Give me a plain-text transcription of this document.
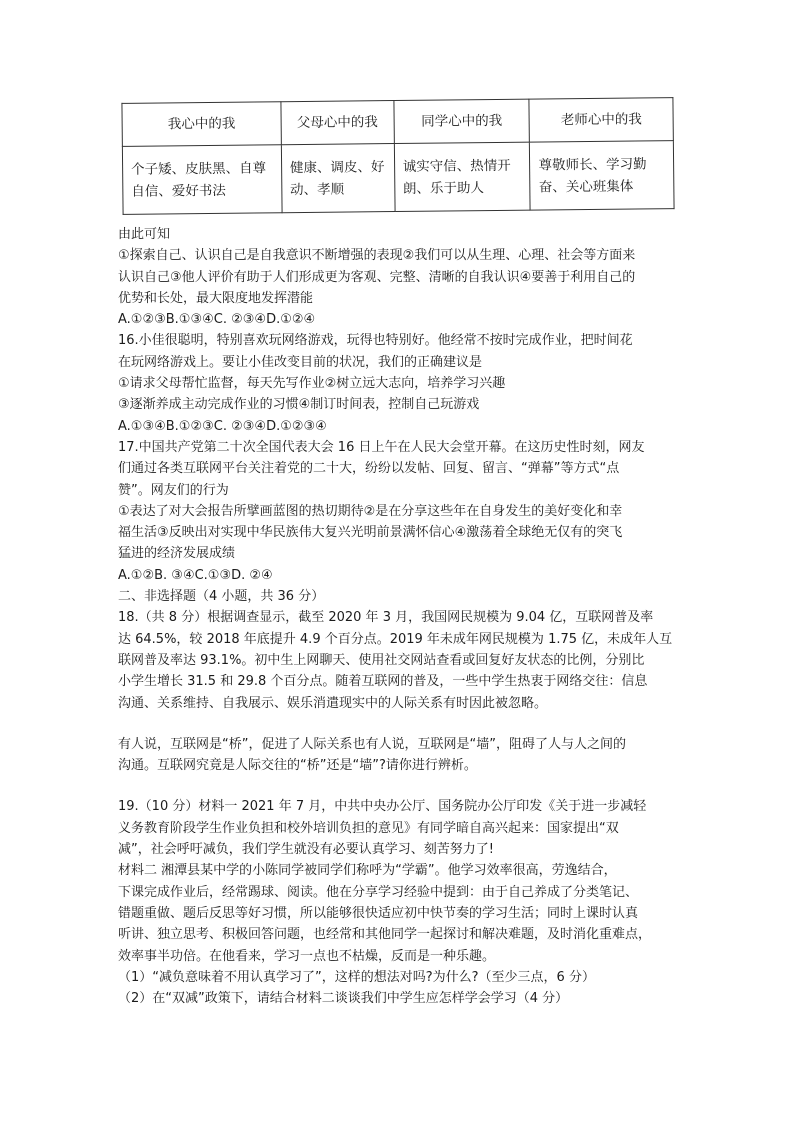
我心中的我	父母心中的我	同学心中的我	老师心中的我
个子矮、皮肤黑、自尊自信、爱好书法	健康、调皮、好动、孝顺	诚实守信、热情开朗、乐于助人	尊敬师长、学习勤奋、关心班集体

由此可知

①探索自己、认识自己是自我意识不断增强的表现②我们可以从生理、心理、社会等方面来

认识自己③他人评价有助于人们形成更为客观、完整、清晰的自我认识④要善于利用自己的

优势和长处，最大限度地发挥潜能

A.①②③B.①③④C. ②③④D.①②④

16.小佳很聪明，特别喜欢玩网络游戏，玩得也特别好。他经常不按时完成作业，把时间花

在玩网络游戏上。要让小佳改变目前的状况，我们的正确建议是

①请求父母帮忙监督，每天先写作业②树立远大志向，培养学习兴趣

③逐渐养成主动完成作业的习惯④制订时间表，控制自己玩游戏

A.①③④B.①②③C. ②③④D.①②③④

17.中国共产党第二十次全国代表大会 16 日上午在人民大会堂开幕。在这历史性时刻，网友

们通过各类互联网平台关注着党的二十大，纷纷以发帖、回复、留言、“弹幕”等方式“点

赞”。网友们的行为

①表达了对大会报告所擘画蓝图的热切期待②是在分享这些年在自身发生的美好变化和幸

福生活③反映出对实现中华民族伟大复兴光明前景满怀信心④激荡着全球绝无仅有的突飞

猛进的经济发展成绩

A.①②B. ③④C.①③D. ②④

二、非选择题（4 小题，共 36 分）

18.（共 8 分）根据调查显示，截至 2020 年 3 月，我国网民规模为 9.04 亿，互联网普及率

达 64.5%，较 2018 年底提升 4.9 个百分点。2019 年未成年网民规模为 1.75 亿，未成年人互

联网普及率达 93.1%。初中生上网聊天、使用社交网站查看或回复好友状态的比例，分别比

小学生增长 31.5 和 29.8 个百分点。随着互联网的普及，一些中学生热衷于网络交往：信息

沟通、关系维持、自我展示、娱乐消遣现实中的人际关系有时因此被忽略。

有人说，互联网是“桥”，促进了人际关系也有人说，互联网是“墙”，阻碍了人与人之间的

沟通。互联网究竟是人际交往的“桥”还是“墙”?请你进行辨析。

19.（10 分）材料一 2021 年 7 月，中共中央办公厅、国务院办公厅印发《关于进一步减轻

义务教育阶段学生作业负担和校外培训负担的意见》有同学暗自高兴起来：国家提出“双

减”，社会呼吁减负，我们学生就没有必要认真学习、刻苦努力了!

材料二 湘潭县某中学的小陈同学被同学们称呼为“学霸”。他学习效率很高，劳逸结合，

下课完成作业后，经常踢球、阅读。他在分享学习经验中提到：由于自己养成了分类笔记、

错题重做、题后反思等好习惯，所以能够很快适应初中快节奏的学习生活；同时上课时认真

听讲、独立思考、积极回答问题，也经常和其他同学一起探讨和解决难题，及时消化重难点，

效率事半功倍。在他看来，学习一点也不枯燥，反而是一种乐趣。

（1）“减负意味着不用认真学习了”，这样的想法对吗?为什么?（至少三点，6 分）

（2）在“双减”政策下，请结合材料二谈谈我们中学生应怎样学会学习（4 分）
